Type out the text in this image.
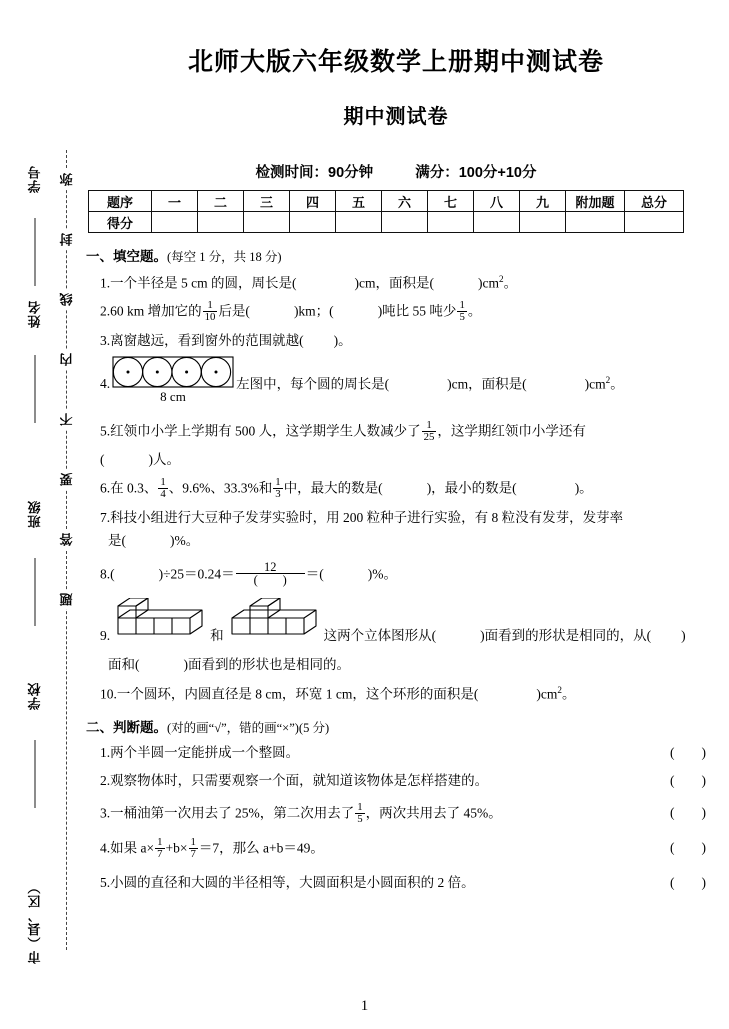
学号
姓名
班级
学校
市（县、区）
弥
封
线
内
不
要
答
题
北师大版六年级数学上册期中测试卷
期中测试卷
检测时间：90分钟	满分：100分+10分
题序	一	二	三	四	五	六	七	八	九	附加题	总分
得分											
一、填空题。(每空 1 分，共 18 分)
1.一个半径是 5 cm 的圆，周长是(	)cm，面积是(	)$cm^2$。
2.60 km 增加它的 $\frac{1}{10}$ 后是(	)km；(	)吨比 55 吨少 $\frac{1}{5}$ 。
3.离窗越远，看到窗外的范围就越( )。
4.
8 cm
左图中，每个圆的周长是(	)cm，面积是(	)$cm^2$。
5.红领巾小学上学期有 500 人，这学期学生人数减少了 $\frac{1}{25}$ ，这学期红领巾小学还有
(	)人。
6.在 0.3、 $\frac{1}{4}$ 、9.6%、33.3%和 $\frac{1}{3}$ 中，最大的数是(	)，最小的数是(	)。
7.科技小组进行大豆种子发芽实验时，用 200 粒种子进行实验，有 8 粒没有发芽，发芽率
是(	)%。
8.(	)$\div 25=0.24= \frac{12}{( )}$ ＝(	)%。
9.	和	这两个立体图形从(	)面看到的形状是相同的，从( )
面和(	)面看到的形状也是相同的。
10.一个圆环，内圆直径是 8 cm，环宽 1 cm，这个环形的面积是(	)$cm^2$。
二、判断题。(对的画“√”，错的画“×”)(5 分)
1.两个半圆一定能拼成一个整圆。	(　　)
2.观察物体时，只需要观察一个面，就知道该物体是怎样搭建的。	(　　)
3.一桶油第一次用去了 25%，第二次用去了 $\frac{1}{5}$ ，两次共用去了 45%。	(　　)
4.如果 $a\times \frac{1}{7} +b\times \frac{1}{7} =7$，那么 a+b＝49。	(　　)
5.小圆的直径和大圆的半径相等，大圆面积是小圆面积的 2 倍。	(　　)
1
